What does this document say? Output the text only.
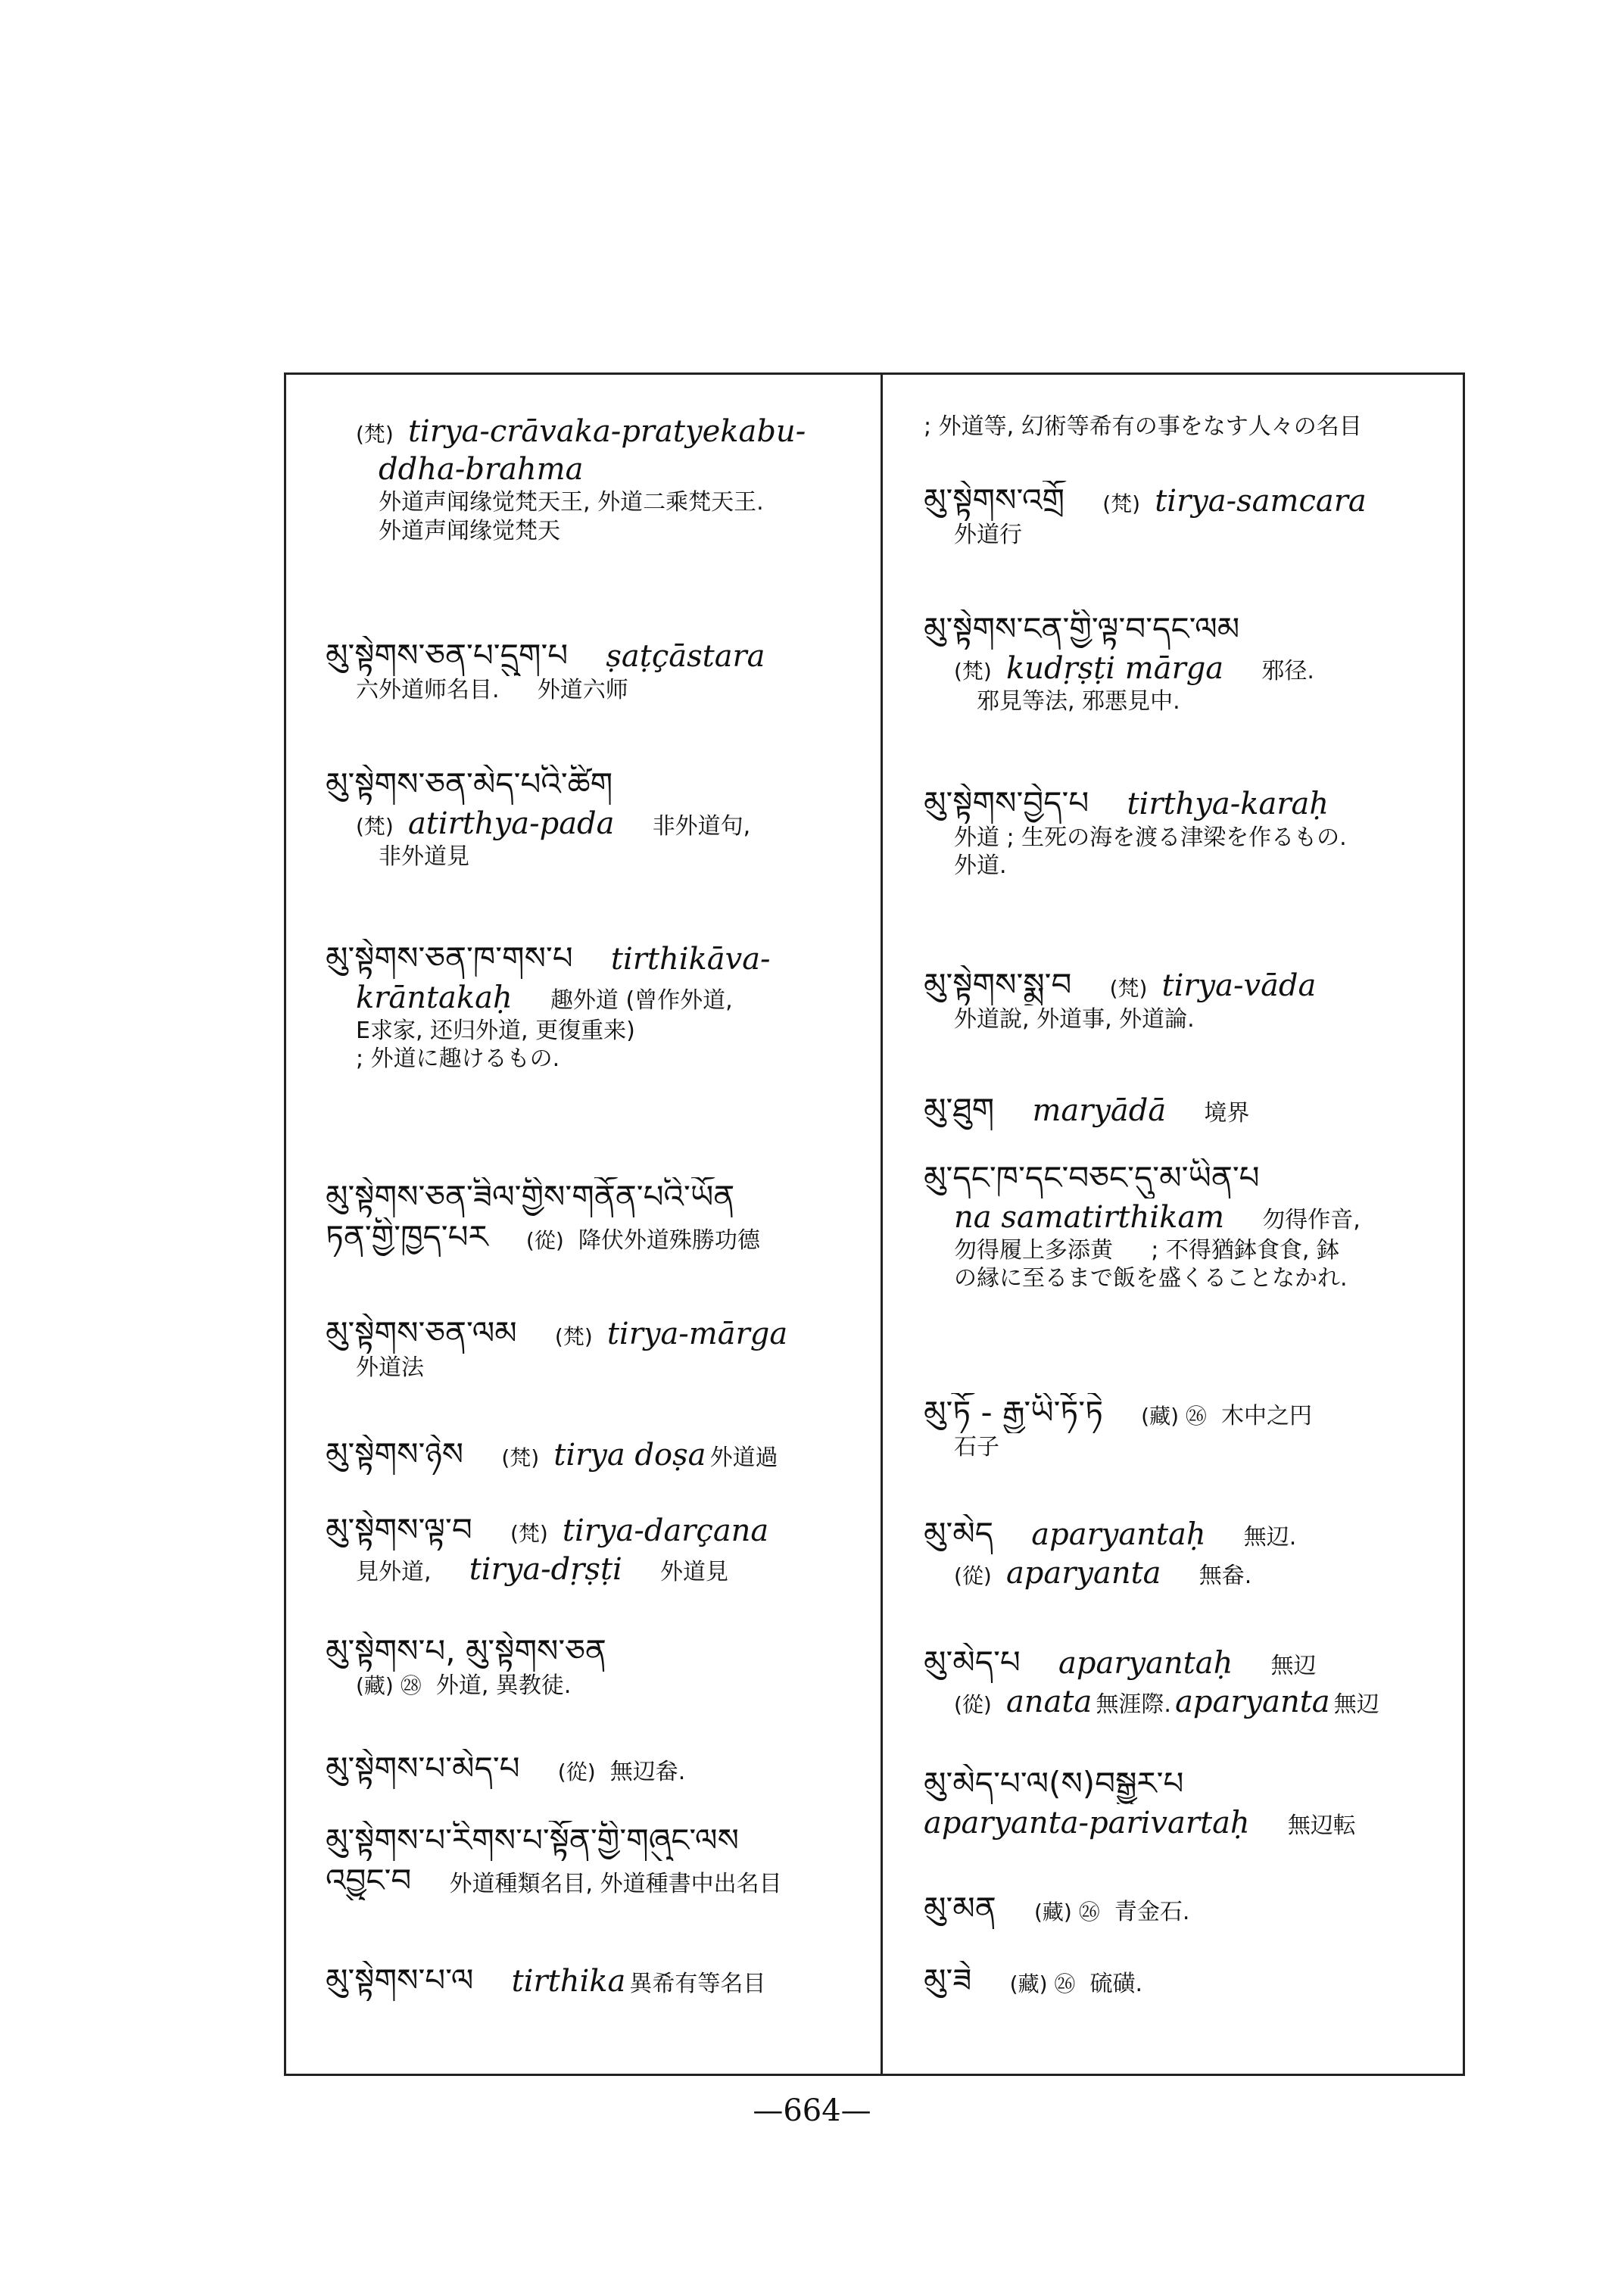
(梵) tirya-crāvaka-pratyekabu-
ddha-brahma
外道声闻缘觉梵天王, 外道二乘梵天王.
外道声闻缘觉梵天
མུ་སྟེགས་ཅན་པ་དྲུག་པ ṣaṭçāstara
六外道师名目. 外道六师
མུ་སྟེགས་ཅན་མེད་པའི་ཚིག
(梵) atirthya-pada 非外道句,
非外道見
མུ་སྟེགས་ཅན་ཁ་གས་པ tirthikāva-
krāntakaḥ 趣外道 (曾作外道,
E求家, 还归外道, 更復重来)
; 外道に趣けるもの.
མུ་སྟེགས་ཅན་ཟིལ་གྱིས་གནོན་པའི་ཡོན
ཏན་གྱི་ཁྱད་པར (從) 降伏外道殊勝功德
མུ་སྟེགས་ཅན་ལམ (梵) tirya-mārga
外道法
མུ་སྟེགས་ཉེས (梵) tirya doṣa 外道過
མུ་སྟེགས་ལྟ་བ (梵) tirya-darçana
見外道, tirya-dṛṣṭi 外道見
མུ་སྟེགས་པ, མུ་སྟེགས་ཅན
(藏) ㉘ 外道, 異教徒.
མུ་སྟེགས་པ་མེད་པ (從) 無辺畚.
མུ་སྟེགས་པ་རིགས་པ་སྟོན་གྱི་གཞུང་ལས
འབྱུང་བ 外道種類名目, 外道種書中出名目
མུ་སྟེགས་པ་ལ tirthika 異希有等名目
; 外道等, 幻術等希有の事をなす人々の名目
མུ་སྟེགས་འགྲོ (梵) tirya-samcara
外道行
མུ་སྟེགས་ངན་གྱི་ལྟ་བ་དང་ལམ
(梵) kudṛṣṭi mārga 邪径.
邪見等法, 邪悪見中.
མུ་སྟེགས་བྱེད་པ tirthya-karaḥ
外道 ; 生死の海を渡る津梁を作るもの.
外道.
མུ་སྟེགས་སྨྲ་བ (梵) tirya-vāda
外道說, 外道事, 外道論.
མུ་ཐུག maryādā 境界
མུ་དང་ཁ་དང་བཅང་དུ་མ་ཡིན་པ
na samatirthikam 勿得作音,
勿得履上多添黄 ; 不得猶鉢食食, 鉢
の縁に至るまで飯を盛くることなかれ.
མུ་ཏོ - རྒྱ་ཡི་ཏོ་ཏེ (藏) ㉖ 木中之円
石子
མུ་མེད aparyantaḥ 無辺.
(從) aparyanta 無畚.
མུ་མེད་པ aparyantaḥ 無辺
(從) anata 無涯際. aparyanta 無辺
མུ་མེད་པ་ལ(ས)བསྒྱུར་པ
aparyanta-parivartaḥ 無辺転
མུ་མན (藏) ㉖ 青金石.
མུ་ཟེ (藏) ㉖ 硫磺.
—664—
